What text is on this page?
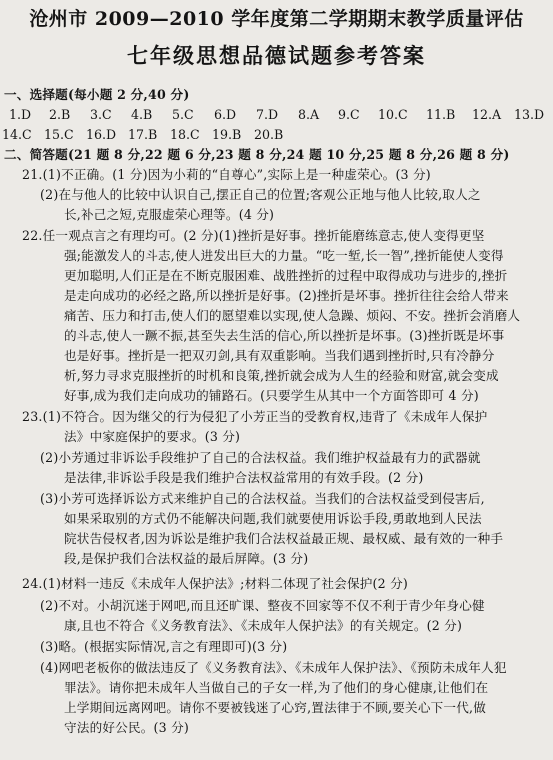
沧州市 2009—2010 学年度第二学期期末教学质量评估
七年级思想品德试题参考答案
一、选择题(每小题 2 分,40 分)
1.D 2.B 3.C 4.B 5.C 6.D 7.D 8.A 9.C 10.C 11.B 12.A 13.D
14.C 15.C 16.D 17.B 18.C 19.B 20.B
二、简答题(21 题 8 分,22 题 6 分,23 题 8 分,24 题 10 分,25 题 8 分,26 题 8 分)
21.(1)不正确。(1 分)因为小莉的“自尊心”,实际上是一种虚荣心。(3 分)
(2)在与他人的比较中认识自己,摆正自己的位置;客观公正地与他人比较,取人之
长,补己之短,克服虚荣心理等。(4 分)
22.任一观点言之有理均可。(2 分)(1)挫折是好事。挫折能磨练意志,使人变得更坚
强;能激发人的斗志,使人进发出巨大的力量。“吃一堑,长一智”,挫折能使人变得
更加聪明,人们正是在不断克服困难、战胜挫折的过程中取得成功与进步的,挫折
是走向成功的必经之路,所以挫折是好事。(2)挫折是坏事。挫折往往会给人带来
痛苦、压力和打击,使人们的愿望难以实现,使人急躁、烦闷、不安。挫折会消磨人
的斗志,使人一蹶不振,甚至失去生活的信心,所以挫折是坏事。(3)挫折既是坏事
也是好事。挫折是一把双刃剑,具有双重影响。当我们遇到挫折时,只有冷静分
析,努力寻求克服挫折的时机和良策,挫折就会成为人生的经验和财富,就会变成
好事,成为我们走向成功的铺路石。(只要学生从其中一个方面答即可 4 分)
23.(1)不符合。因为继父的行为侵犯了小芳正当的受教育权,违背了《未成年人保护
法》中家庭保护的要求。(3 分)
(2)小芳通过非诉讼手段维护了自己的合法权益。我们维护权益最有力的武器就
是法律,非诉讼手段是我们维护合法权益常用的有效手段。(2 分)
(3)小芳可选择诉讼方式来维护自己的合法权益。当我们的合法权益受到侵害后,
如果采取别的方式仍不能解决问题,我们就要使用诉讼手段,勇敢地到人民法
院状告侵权者,因为诉讼是维护我们合法权益最正规、最权威、最有效的一种手
段,是保护我们合法权益的最后屏障。(3 分)
24.(1)材料一违反《未成年人保护法》;材料二体现了社会保护(2 分)
(2)不对。小胡沉迷于网吧,而且还旷课、整夜不回家等不仅不利于青少年身心健
康,且也不符合《义务教育法》、《未成年人保护法》的有关规定。(2 分)
(3)略。(根据实际情况,言之有理即可)(3 分)
(4)网吧老板你的做法违反了《义务教育法》、《未成年人保护法》、《预防未成年人犯
罪法》。请你把未成年人当做自己的子女一样,为了他们的身心健康,让他们在
上学期间远离网吧。请你不要被钱迷了心窍,置法律于不顾,要关心下一代,做
守法的好公民。(3 分)
